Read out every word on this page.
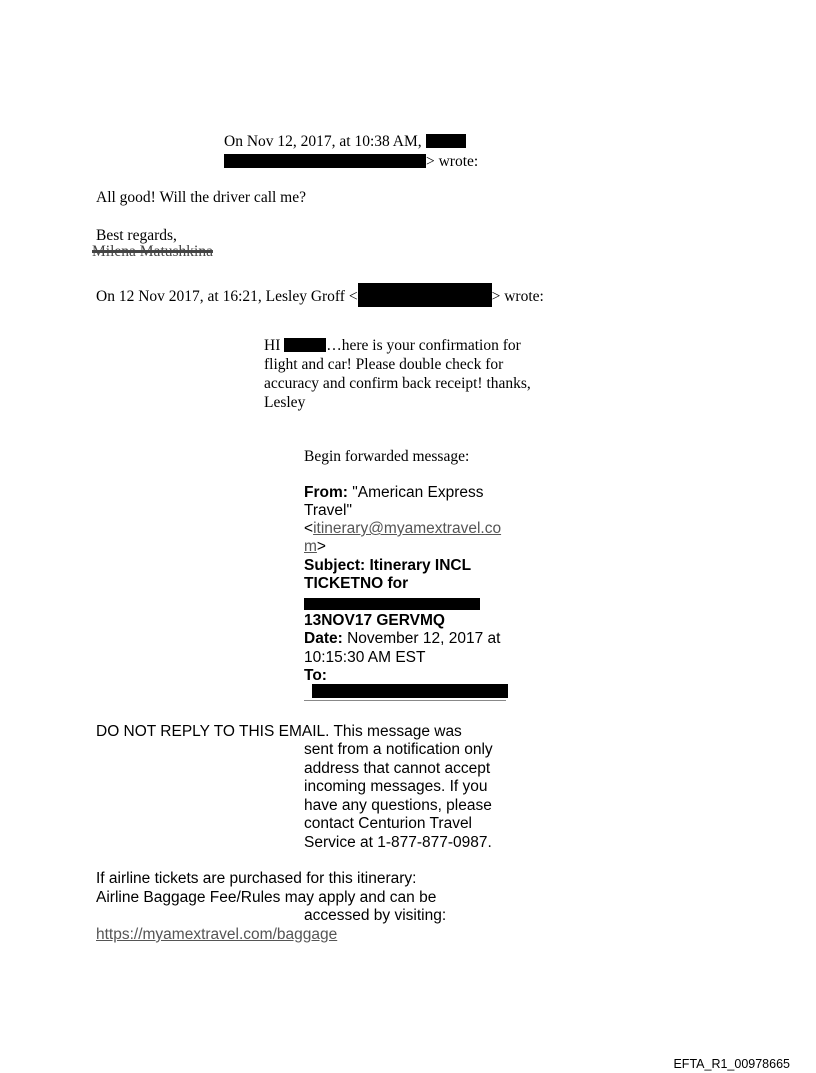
On Nov 12, 2017, at 10:38 AM,
> wrote:
All good! Will the driver call me?
Best regards,
Milena Matushkina
On 12 Nov 2017, at 16:21, Lesley Groff <	> wrote:
HI	…here is your confirmation for
flight and car! Please double check for
accuracy and confirm back receipt! thanks,
Lesley
Begin forwarded message:
From: "American Express
Travel"
<itinerary@myamextravel.co
m>
Subject: Itinerary INCL
TICKETNO for
13NOV17 GERVMQ
Date: November 12, 2017 at
10:15:30 AM EST
To:
DO NOT REPLY TO THIS EMAIL. This message was
sent from a notification only
address that cannot accept
incoming messages. If you
have any questions, please
contact Centurion Travel
Service at 1-877-877-0987.
If airline tickets are purchased for this itinerary:
Airline Baggage Fee/Rules may apply and can be
accessed by visiting:
https://myamextravel.com/baggage
EFTA_R1_00978665
